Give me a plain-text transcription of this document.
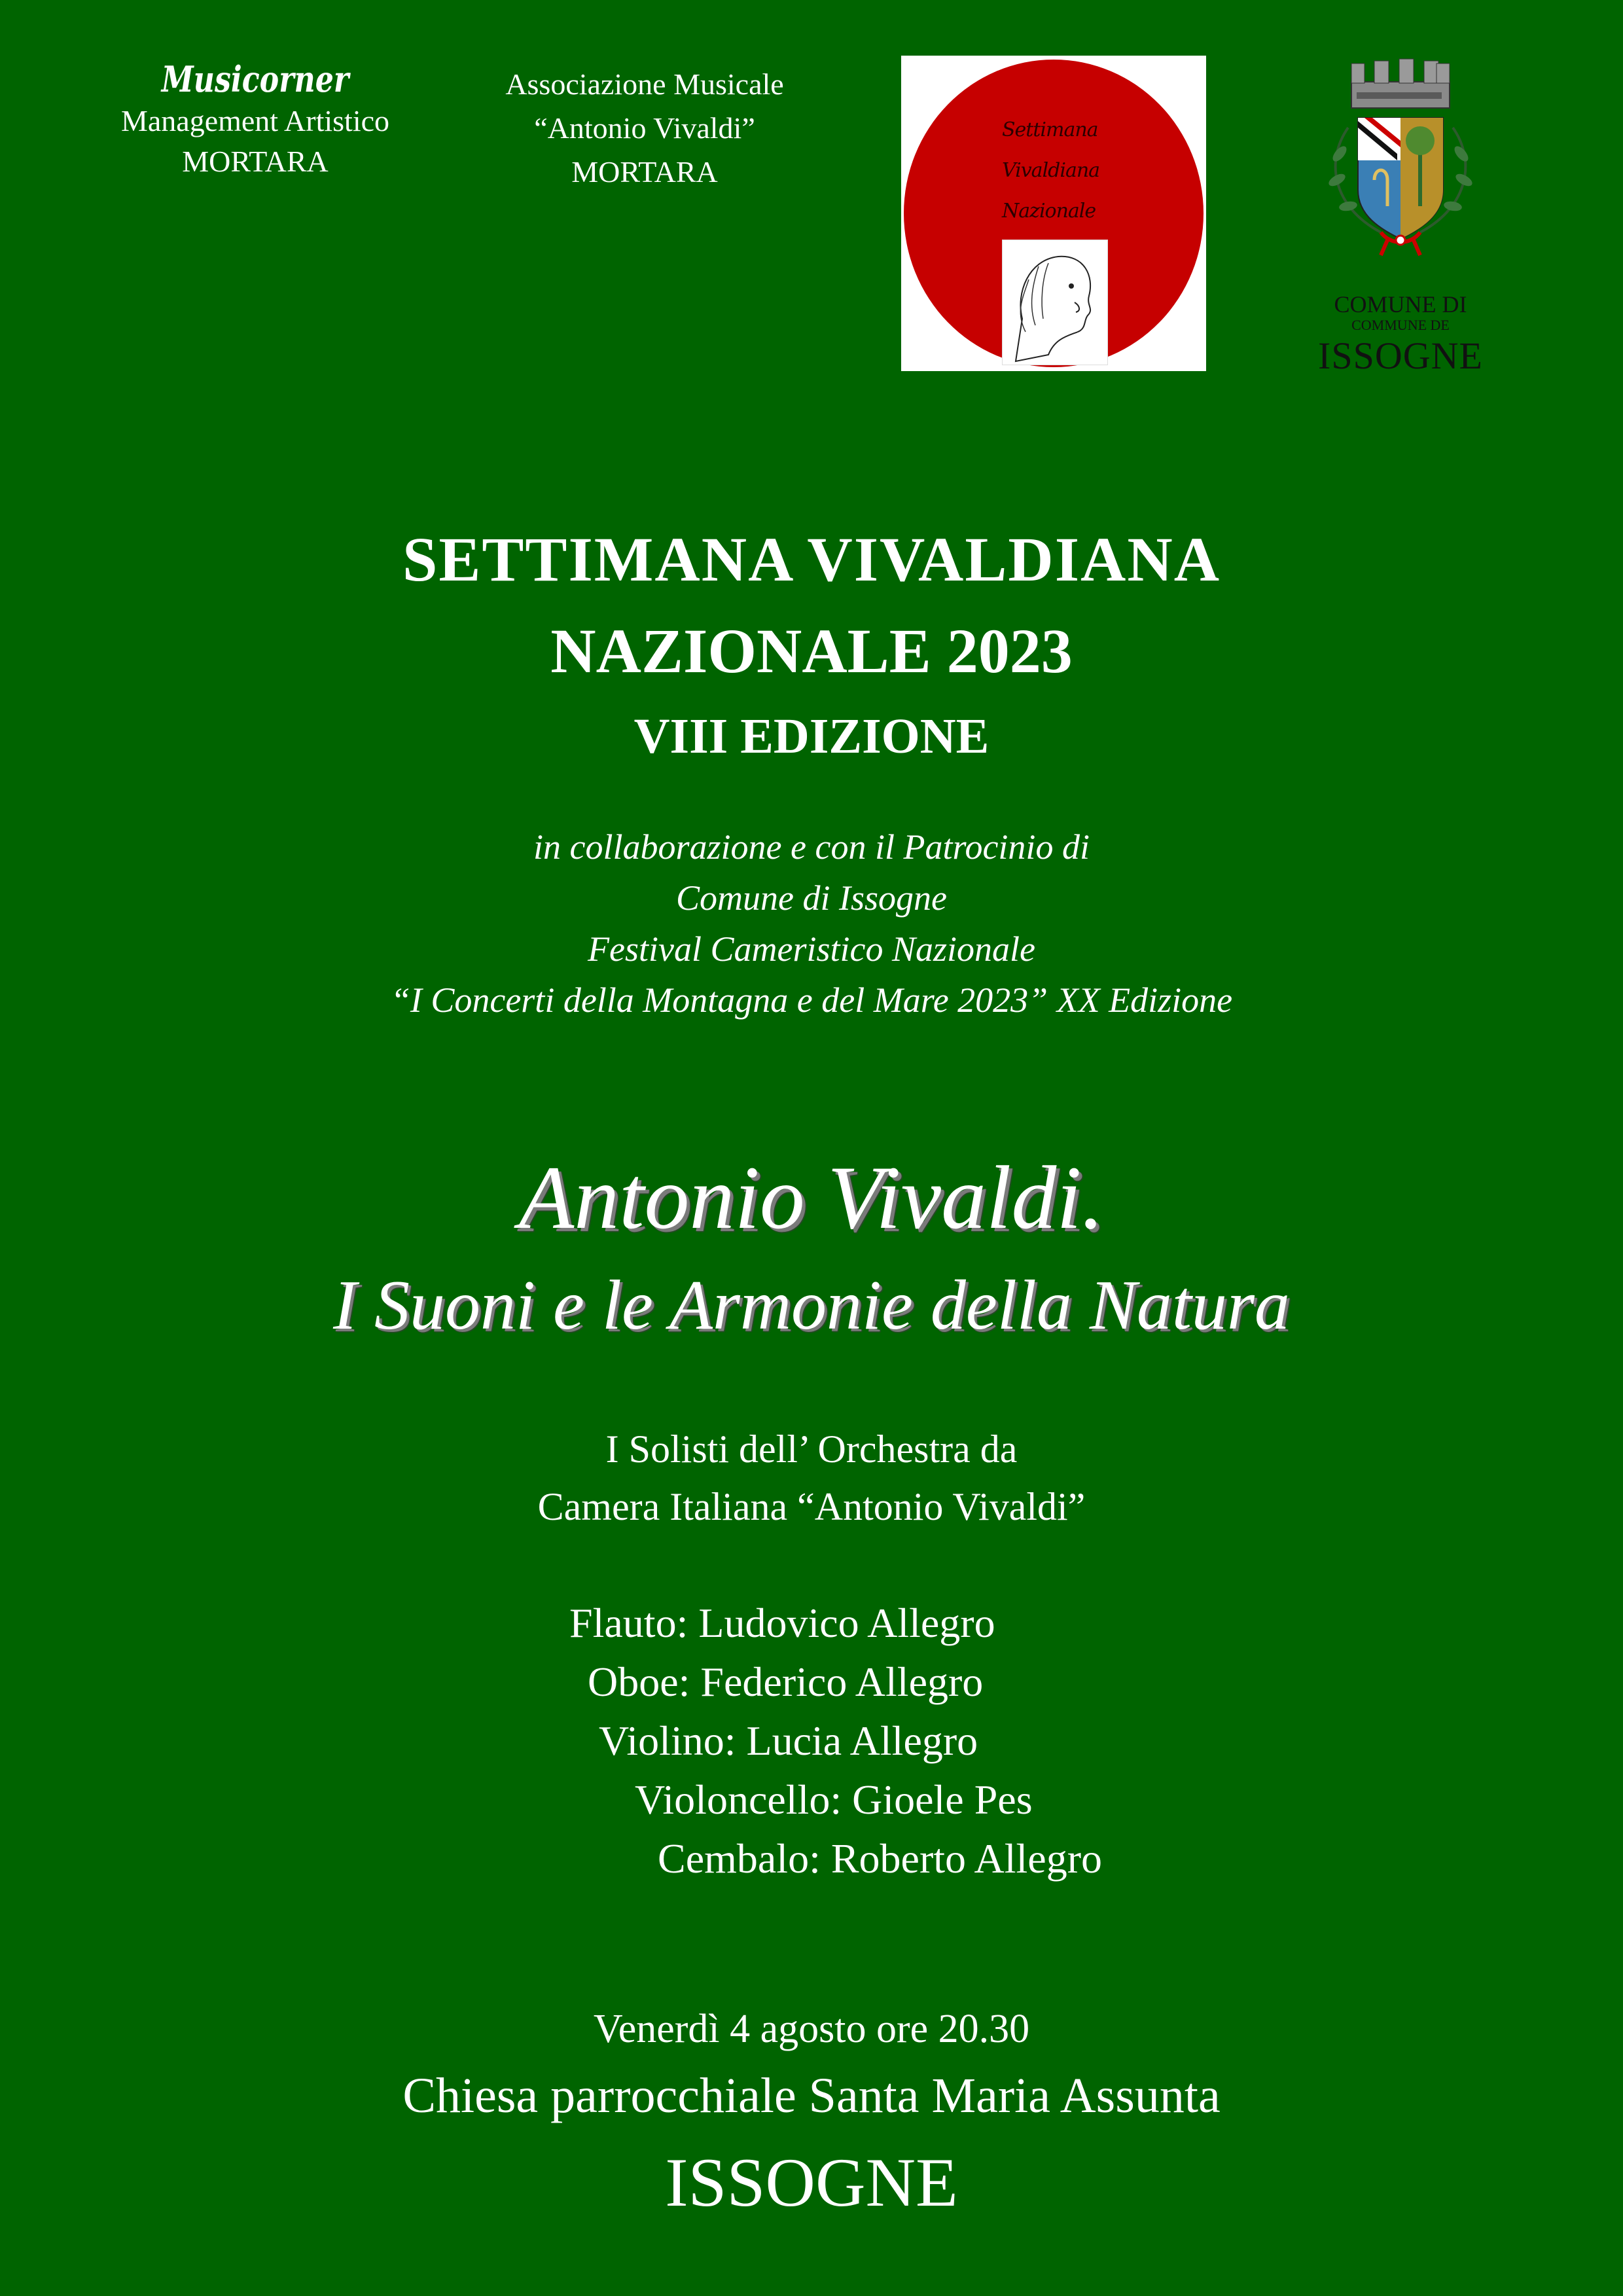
Musicorner
Management Artistico
MORTARA
Associazione Musicale
“Antonio Vivaldi”
MORTARA
Settimana
Vivaldiana
Nazionale
COMUNE DI
COMMUNE DE
ISSOGNE
SETTIMANA VIVALDIANA
NAZIONALE 2023
VIII EDIZIONE
in collaborazione e con il Patrocinio di
Comune di Issogne
Festival Cameristico Nazionale
“I Concerti della Montagna e del Mare 2023” XX Edizione
Antonio Vivaldi.
I Suoni e le Armonie della Natura
I Solisti dell’ Orchestra da
Camera Italiana “Antonio Vivaldi”
Flauto: Ludovico Allegro
Oboe: Federico Allegro
Violino: Lucia Allegro
Violoncello: Gioele Pes
Cembalo: Roberto Allegro
Venerdì 4 agosto ore 20.30
Chiesa parrocchiale Santa Maria Assunta
ISSOGNE
